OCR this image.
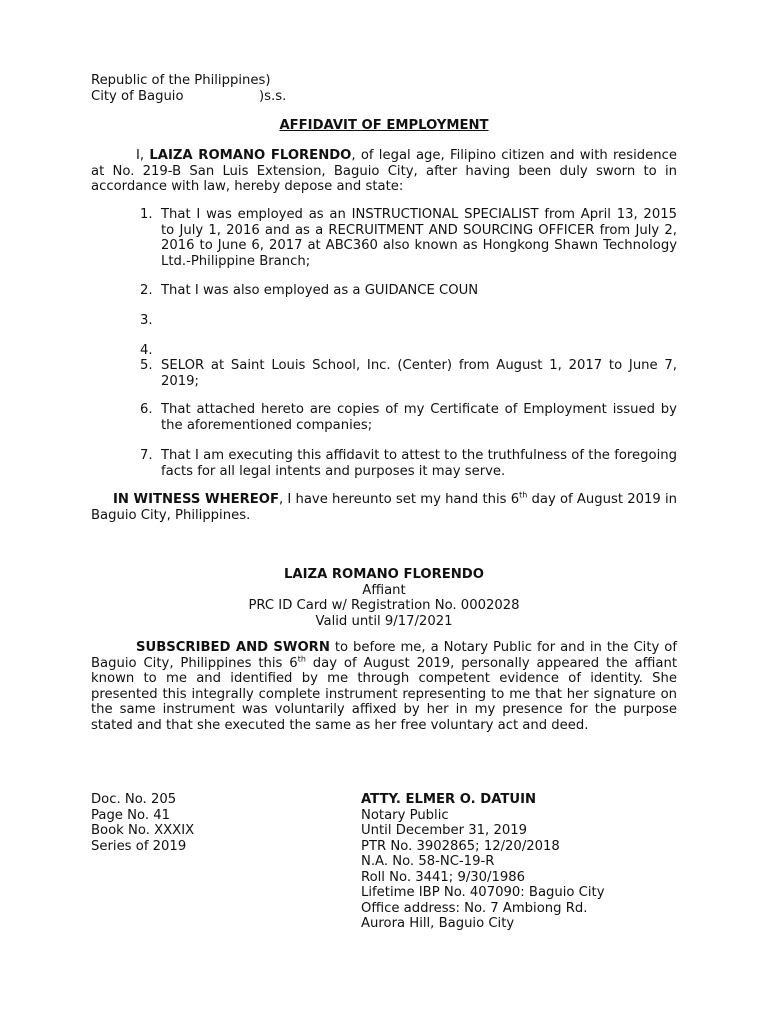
Republic of the Philippines)
City of Baguio                  )s.s.
AFFIDAVIT OF EMPLOYMENT
I, LAIZA ROMANO FLORENDO, of legal age, Filipino citizen and with residence at No. 219-B San Luis Extension, Baguio City, after having been duly sworn to in accordance with law, hereby depose and state:
1. That I was employed as an INSTRUCTIONAL SPECIALIST from April 13, 2015 to July 1, 2016 and as a RECRUITMENT AND SOURCING OFFICER from July 2, 2016 to June 6, 2017 at ABC360 also known as Hongkong Shawn Technology Ltd.-Philippine Branch;
2. That I was also employed as a GUIDANCE COUN
3.
4.
5. SELOR at Saint Louis School, Inc. (Center) from August 1, 2017 to June 7, 2019;
6. That attached hereto are copies of my Certificate of Employment issued by the aforementioned companies;
7. That I am executing this affidavit to attest to the truthfulness of the foregoing facts for all legal intents and purposes it may serve.
IN WITNESS WHEREOF, I have hereunto set my hand this 6th day of August 2019 in Baguio City, Philippines.
LAIZA ROMANO FLORENDO
Affiant
PRC ID Card w/ Registration No. 0002028
Valid until 9/17/2021
SUBSCRIBED AND SWORN to before me, a Notary Public for and in the City of Baguio City, Philippines this 6th day of August 2019, personally appeared the affiant known to me and identified by me through competent evidence of identity. She presented this integrally complete instrument representing to me that her signature on the same instrument was voluntarily affixed by her in my presence for the purpose stated and that she executed the same as her free voluntary act and deed.
Doc. No. 205
Page No. 41
Book No. XXXIX
Series of 2019
ATTY. ELMER O. DATUIN
Notary Public
Until December 31, 2019
PTR No. 3902865; 12/20/2018
N.A. No. 58-NC-19-R
Roll No. 3441; 9/30/1986
Lifetime IBP No. 407090: Baguio City
Office address: No. 7 Ambiong Rd.
Aurora Hill, Baguio City
